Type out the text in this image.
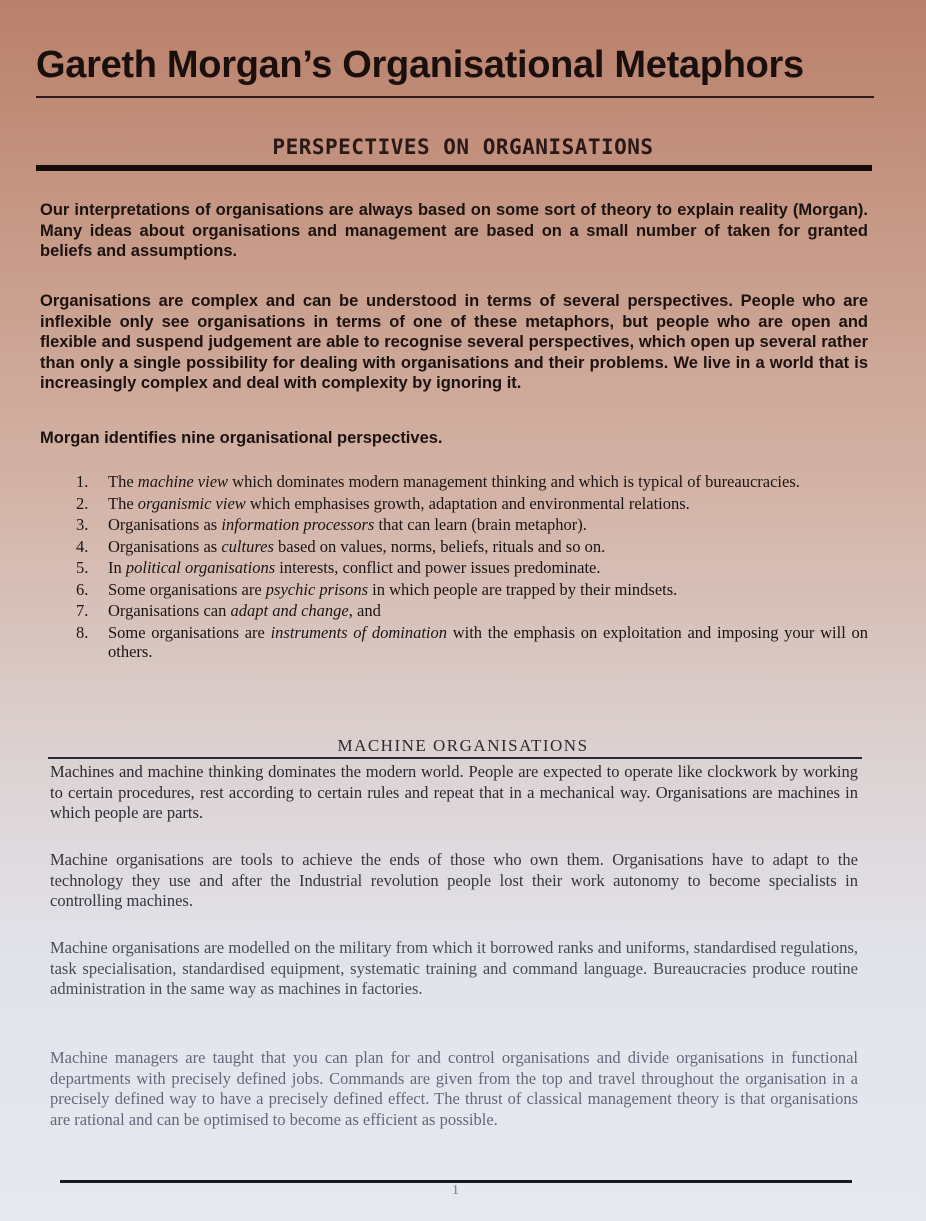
Gareth Morgan’s Organisational Metaphors
PERSPECTIVES ON ORGANISATIONS
Our interpretations of organisations are always based on some sort of theory to explain reality (Morgan). Many ideas about organisations and management are based on a small number of taken for granted beliefs and assumptions.
Organisations are complex and can be understood in terms of several perspectives. People who are inflexible only see organisations in terms of one of these metaphors, but people who are open and flexible and suspend judgement are able to recognise several perspectives, which open up several rather than only a single possibility for dealing with organisations and their problems. We live in a world that is increasingly complex and deal with complexity by ignoring it.
Morgan identifies nine organisational perspectives.
1. The machine view which dominates modern management thinking and which is typical of bureaucracies.
2. The organismic view which emphasises growth, adaptation and environmental relations.
3. Organisations as information processors that can learn (brain metaphor).
4. Organisations as cultures based on values, norms, beliefs, rituals and so on.
5. In political organisations interests, conflict and power issues predominate.
6. Some organisations are psychic prisons in which people are trapped by their mindsets.
7. Organisations can adapt and change, and
8. Some organisations are instruments of domination with the emphasis on exploitation and imposing your will on others.
MACHINE ORGANISATIONS
Machines and machine thinking dominates the modern world. People are expected to operate like clockwork by working to certain procedures, rest according to certain rules and repeat that in a mechanical way. Organisations are machines in which people are parts.
Machine organisations are tools to achieve the ends of those who own them. Organisations have to adapt to the technology they use and after the Industrial revolution people lost their work autonomy to become specialists in controlling machines.
Machine organisations are modelled on the military from which it borrowed ranks and uniforms, standardised regulations, task specialisation, standardised equipment, systematic training and command language. Bureaucracies produce routine administration in the same way as machines in factories.
Machine managers are taught that you can plan for and control organisations and divide organisations in functional departments with precisely defined jobs. Commands are given from the top and travel throughout the organisation in a precisely defined way to have a precisely defined effect. The thrust of classical management theory is that organisations are rational and can be optimised to become as efficient as possible.
1
